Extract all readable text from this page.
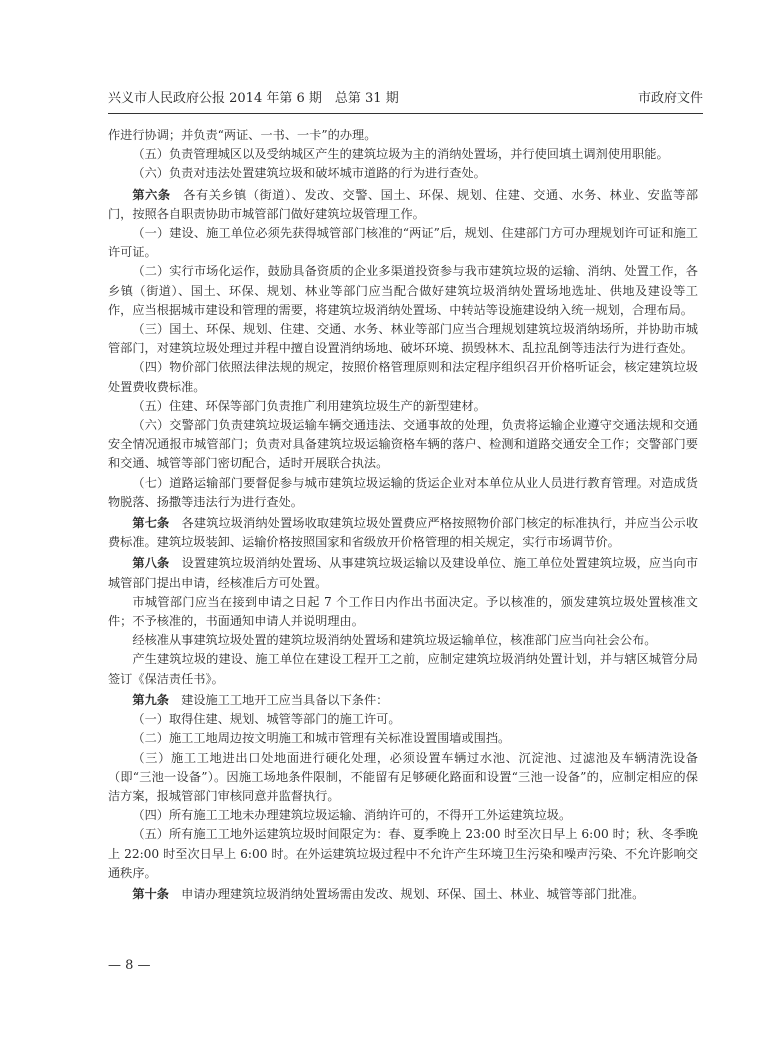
兴义市人民政府公报 2014 年第 6 期　总第 31 期	市政府文件

作进行协调；并负责“两证、一书、一卡”的办理。

（五）负责管理城区以及受纳城区产生的建筑垃圾为主的消纳处置场，并行使回填土调剂使用职能。

（六）负责对违法处置建筑垃圾和破坏城市道路的行为进行查处。

第六条　各有关乡镇（街道）、发改、交警、国土、环保、规划、住建、交通、水务、林业、安监等部门，按照各自职责协助市城管部门做好建筑垃圾管理工作。

（一）建设、施工单位必须先获得城管部门核准的“两证”后，规划、住建部门方可办理规划许可证和施工许可证。

（二）实行市场化运作，鼓励具备资质的企业多渠道投资参与我市建筑垃圾的运输、消纳、处置工作，各乡镇（街道）、国土、环保、规划、林业等部门应当配合做好建筑垃圾消纳处置场地选址、供地及建设等工作，应当根据城市建设和管理的需要，将建筑垃圾消纳处置场、中转站等设施建设纳入统一规划，合理布局。

（三）国土、环保、规划、住建、交通、水务、林业等部门应当合理规划建筑垃圾消纳场所，并协助市城管部门，对建筑垃圾处理过并程中擅自设置消纳场地、破坏环境、损毁林木、乱拉乱倒等违法行为进行查处。

（四）物价部门依照法律法规的规定，按照价格管理原则和法定程序组织召开价格听证会，核定建筑垃圾处置费收费标准。

（五）住建、环保等部门负责推广利用建筑垃圾生产的新型建材。

（六）交警部门负责建筑垃圾运输车辆交通违法、交通事故的处理，负责将运输企业遵守交通法规和交通安全情况通报市城管部门；负责对具备建筑垃圾运输资格车辆的落户、检测和道路交通安全工作；交警部门要和交通、城管等部门密切配合，适时开展联合执法。

（七）道路运输部门要督促参与城市建筑垃圾运输的货运企业对本单位从业人员进行教育管理。对造成货物脱落、扬撒等违法行为进行查处。

第七条　各建筑垃圾消纳处置场收取建筑垃圾处置费应严格按照物价部门核定的标准执行，并应当公示收费标准。建筑垃圾装卸、运输价格按照国家和省级放开价格管理的相关规定，实行市场调节价。

第八条　设置建筑垃圾消纳处置场、从事建筑垃圾运输以及建设单位、施工单位处置建筑垃圾，应当向市城管部门提出申请，经核准后方可处置。

市城管部门应当在接到申请之日起 7 个工作日内作出书面决定。予以核准的，颁发建筑垃圾处置核准文件；不予核准的，书面通知申请人并说明理由。

经核准从事建筑垃圾处置的建筑垃圾消纳处置场和建筑垃圾运输单位，核准部门应当向社会公布。

产生建筑垃圾的建设、施工单位在建设工程开工之前，应制定建筑垃圾消纳处置计划，并与辖区城管分局签订《保洁责任书》。

第九条　建设施工工地开工应当具备以下条件：

（一）取得住建、规划、城管等部门的施工许可。

（二）施工工地周边按文明施工和城市管理有关标准设置围墙或围挡。

（三）施工工地进出口处地面进行硬化处理，必须设置车辆过水池、沉淀池、过滤池及车辆清洗设备（即“三池一设备”）。因施工场地条件限制，不能留有足够硬化路面和设置“三池一设备”的，应制定相应的保洁方案，报城管部门审核同意并监督执行。

（四）所有施工工地未办理建筑垃圾运输、消纳许可的，不得开工外运建筑垃圾。

（五）所有施工工地外运建筑垃圾时间限定为：春、夏季晚上 23:00 时至次日早上 6:00 时；秋、冬季晚上 22:00 时至次日早上 6:00 时。在外运建筑垃圾过程中不允许产生环境卫生污染和噪声污染、不允许影响交通秩序。

第十条　申请办理建筑垃圾消纳处置场需由发改、规划、环保、国土、林业、城管等部门批准。

— 8 —
